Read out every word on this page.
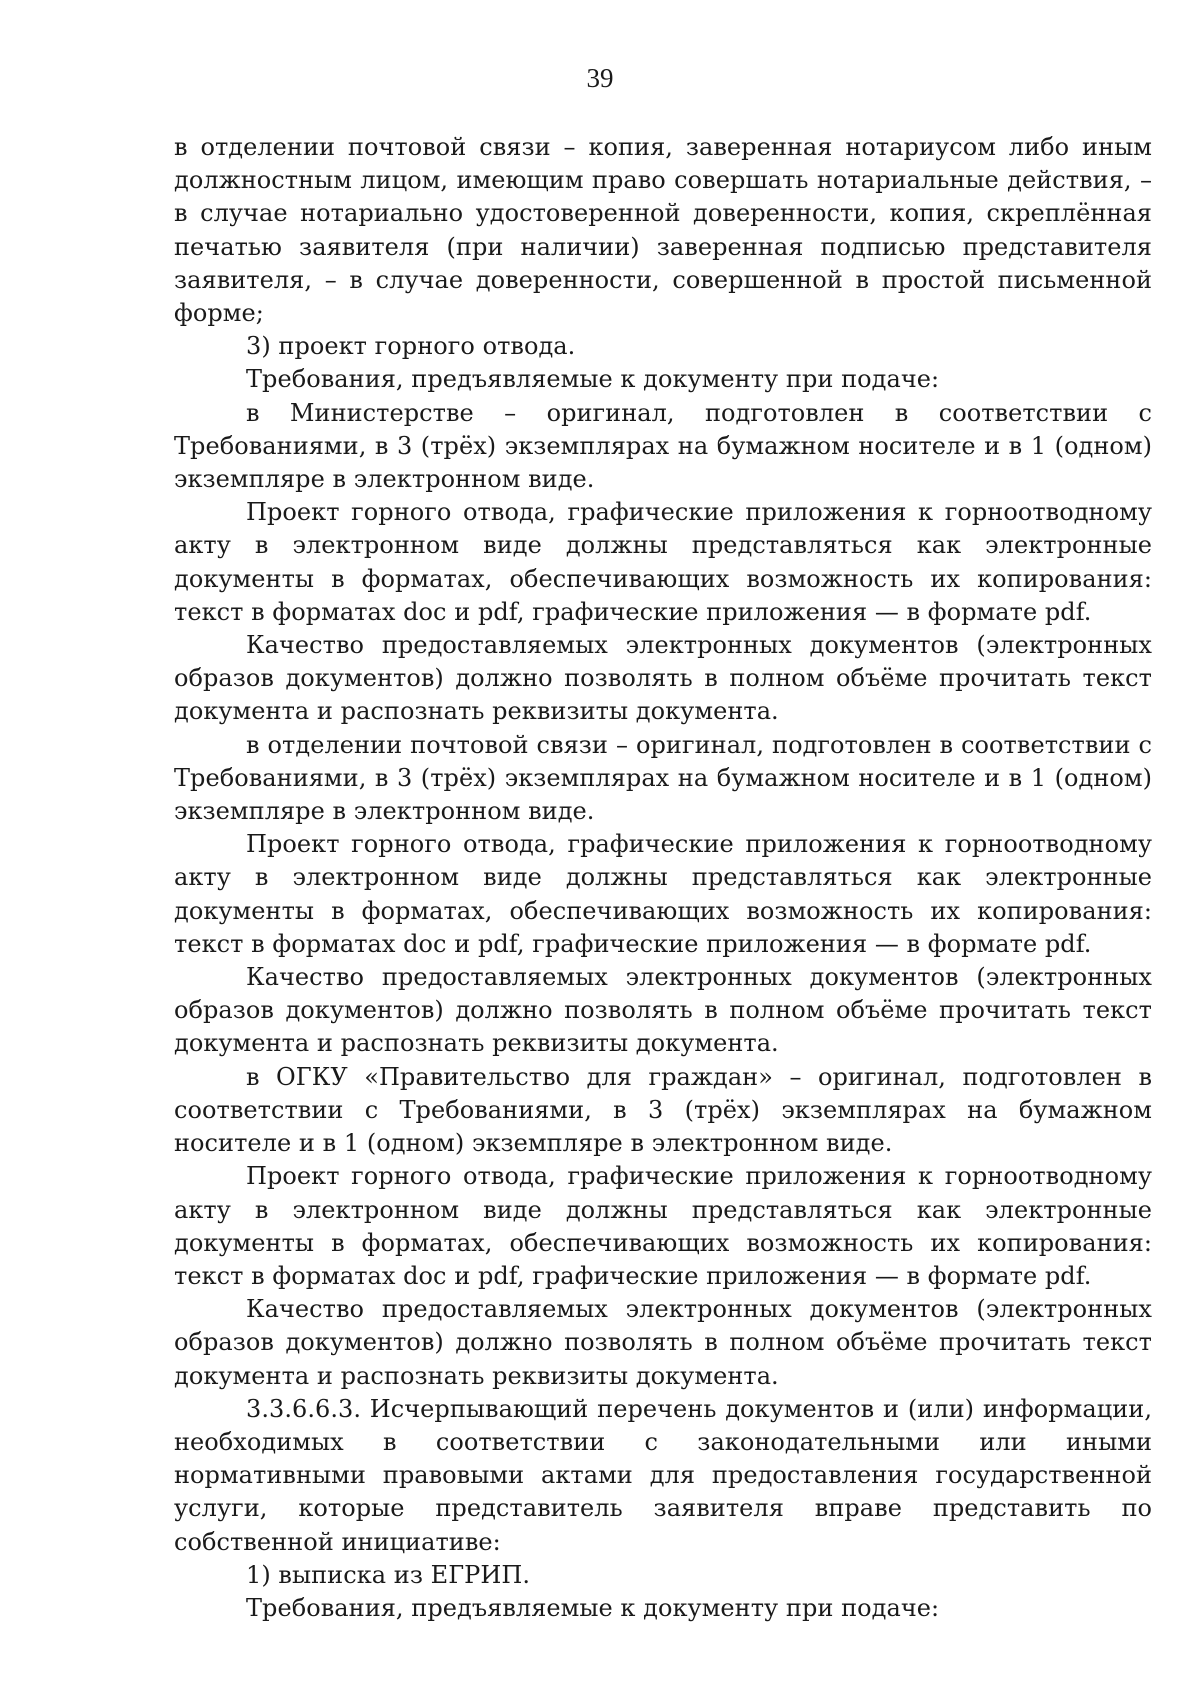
39

в отделении почтовой связи – копия, заверенная нотариусом либо иным должностным лицом, имеющим право совершать нотариальные действия, – в случае нотариально удостоверенной доверенности, копия, скреплённая печатью заявителя (при наличии) заверенная подписью представителя заявителя, – в случае доверенности, совершенной в простой письменной форме;

3) проект горного отвода.

Требования, предъявляемые к документу при подаче:

в Министерстве – оригинал, подготовлен в соответствии с Требованиями, в 3 (трёх) экземплярах на бумажном носителе и в 1 (одном) экземпляре в электронном виде.

Проект горного отвода, графические приложения к горноотводному акту в электронном виде должны представляться как электронные документы в форматах, обеспечивающих возможность их копирования: текст в форматах doc и pdf, графические приложения — в формате pdf.

Качество предоставляемых электронных документов (электронных образов документов) должно позволять в полном объёме прочитать текст документа и распознать реквизиты документа.

в отделении почтовой связи – оригинал, подготовлен в соответствии с Требованиями, в 3 (трёх) экземплярах на бумажном носителе и в 1 (одном) экземпляре в электронном виде.

Проект горного отвода, графические приложения к горноотводному акту в электронном виде должны представляться как электронные документы в форматах, обеспечивающих возможность их копирования: текст в форматах doc и pdf, графические приложения — в формате pdf.

Качество предоставляемых электронных документов (электронных образов документов) должно позволять в полном объёме прочитать текст документа и распознать реквизиты документа.

в ОГКУ «Правительство для граждан» – оригинал, подготовлен в соответствии с Требованиями, в 3 (трёх) экземплярах на бумажном носителе и в 1 (одном) экземпляре в электронном виде.

Проект горного отвода, графические приложения к горноотводному акту в электронном виде должны представляться как электронные документы в форматах, обеспечивающих возможность их копирования: текст в форматах doc и pdf, графические приложения — в формате pdf.

Качество предоставляемых электронных документов (электронных образов документов) должно позволять в полном объёме прочитать текст документа и распознать реквизиты документа.

3.3.6.6.3. Исчерпывающий перечень документов и (или) информации, необходимых в соответствии с законодательными или иными нормативными правовыми актами для предоставления государственной услуги, которые представитель заявителя вправе представить по собственной инициативе:

1) выписка из ЕГРИП.

Требования, предъявляемые к документу при подаче:
